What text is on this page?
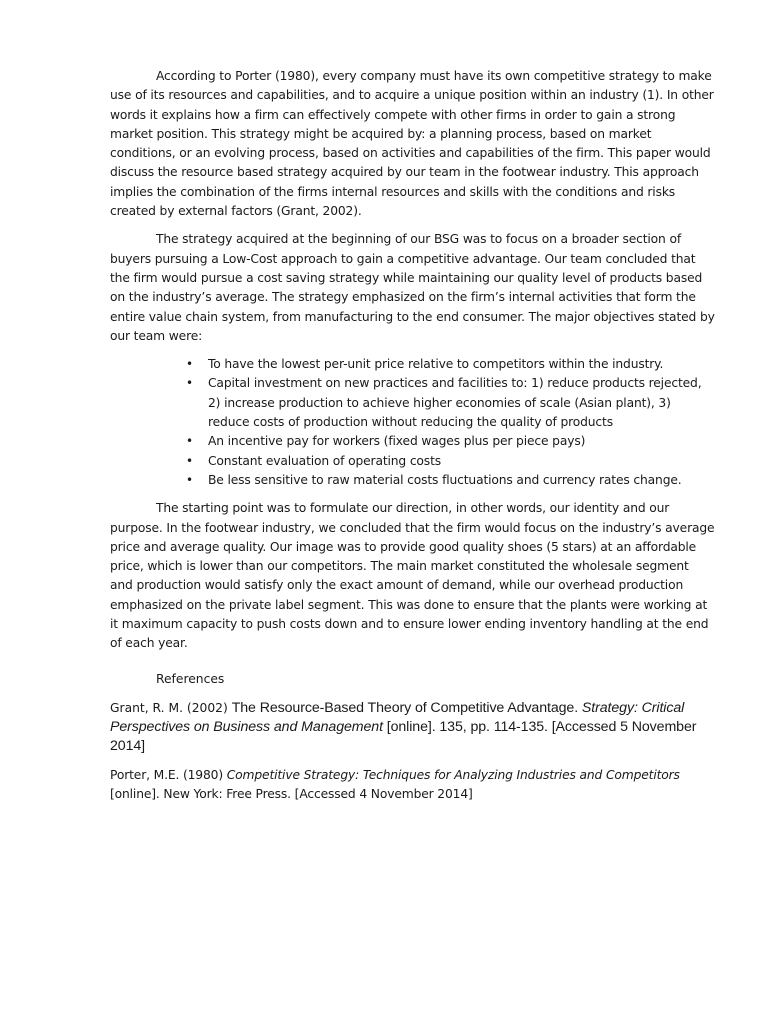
According to Porter (1980), every company must have its own competitive strategy to make use of its resources and capabilities, and to acquire a unique position within an industry (1). In other words it explains how a firm can effectively compete with other firms in order to gain a strong market position. This strategy might be acquired by: a planning process, based on market conditions, or an evolving process, based on activities and capabilities of the firm. This paper would discuss the resource based strategy acquired by our team in the footwear industry. This approach implies the combination of the firms internal resources and skills with the conditions and risks created by external factors (Grant, 2002).

The strategy acquired at the beginning of our BSG was to focus on a broader section of buyers pursuing a Low-Cost approach to gain a competitive advantage. Our team concluded that the firm would pursue a cost saving strategy while maintaining our quality level of products based on the industry’s average. The strategy emphasized on the firm’s internal activities that form the entire value chain system, from manufacturing to the end consumer. The major objectives stated by our team were:

• To have the lowest per-unit price relative to competitors within the industry.
• Capital investment on new practices and facilities to: 1) reduce products rejected, 2) increase production to achieve higher economies of scale (Asian plant), 3) reduce costs of production without reducing the quality of products
• An incentive pay for workers (fixed wages plus per piece pays)
• Constant evaluation of operating costs
• Be less sensitive to raw material costs fluctuations and currency rates change.

The starting point was to formulate our direction, in other words, our identity and our purpose. In the footwear industry, we concluded that the firm would focus on the industry’s average price and average quality. Our image was to provide good quality shoes (5 stars) at an affordable price, which is lower than our competitors. The main market constituted the wholesale segment and production would satisfy only the exact amount of demand, while our overhead production emphasized on the private label segment. This was done to ensure that the plants were working at it maximum capacity to push costs down and to ensure lower ending inventory handling at the end of each year.

References

Grant, R. M. (2002) The Resource-Based Theory of Competitive Advantage. Strategy: Critical Perspectives on Business and Management [online]. 135, pp. 114-135. [Accessed 5 November 2014]

Porter, M.E. (1980) Competitive Strategy: Techniques for Analyzing Industries and Competitors [online]. New York: Free Press. [Accessed 4 November 2014]
